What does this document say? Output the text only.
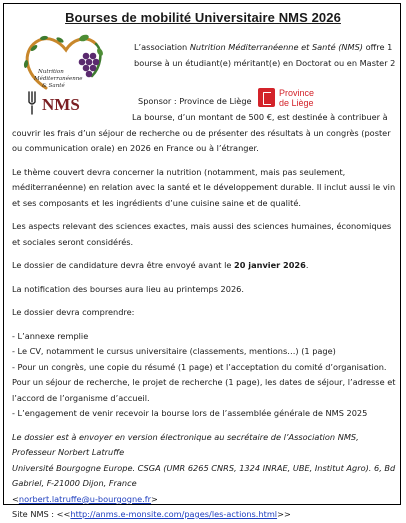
Bourses de mobilité Universitaire NMS 2026
Nutrition
Méditerranéenne
& Santé
NMS
L’association Nutrition Méditerranéenne et Santé (NMS) offre 1 bourse à un étudiant(e) méritant(e) en Doctorat ou en Master 2
Sponsor : Province de Liège
Province
de Liège

La bourse, d’un montant de 500 €, est destinée à contribuer à couvrir les frais d’un séjour de recherche ou de présenter des résultats à un congrès (poster ou communication orale) en 2026 en France ou à l’étranger.

Le thème couvert devra concerner la nutrition (notamment, mais pas seulement, méditerranéenne) en relation avec la santé et le développement durable. Il inclut aussi le vin et ses composants et les ingrédients d’une cuisine saine et de qualité.

Les aspects relevant des sciences exactes, mais aussi des sciences humaines, économiques et sociales seront considérés.

Le dossier de candidature devra être envoyé avant le 20 janvier 2026.

La notification des bourses aura lieu au printemps 2026.

Le dossier devra comprendre:

- L’annexe remplie
- Le CV, notamment le cursus universitaire (classements, mentions…) (1 page)
- Pour un congrès, une copie du résumé (1 page) et l’acceptation du comité d’organisation.
Pour un séjour de recherche, le projet de recherche (1 page), les dates de séjour, l’adresse et l’accord de l’organisme d’accueil.
- L’engagement de venir recevoir la bourse lors de l’assemblée générale de NMS 2025

Le dossier est à envoyer en version électronique au secrétaire de l’Association NMS, Professeur Norbert Latruffe

Université Bourgogne Europe. CSGA (UMR 6265 CNRS, 1324 INRAE, UBE, Institut Agro). 6, Bd Gabriel, F-21000 Dijon, France

<norbert.latruffe@u-bourgogne.fr>

Site NMS : <<http://anms.e-monsite.com/pages/les-actions.html>>
